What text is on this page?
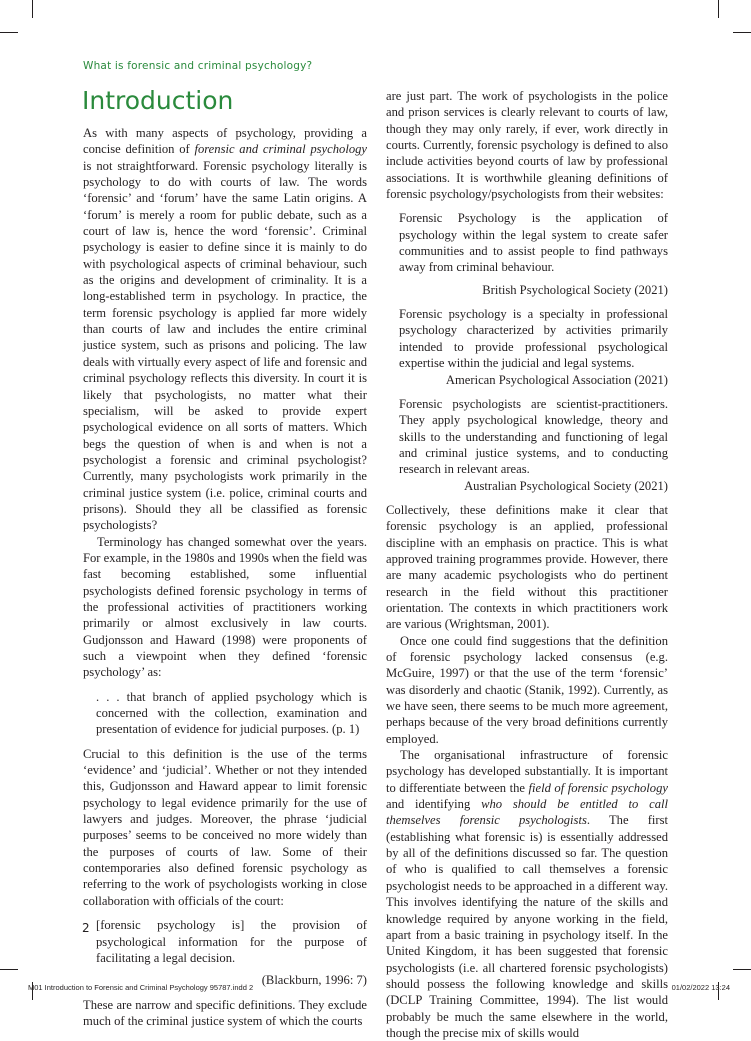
What is forensic and criminal psychology?

Introduction

As with many aspects of psychology, providing a concise definition of forensic and criminal psychology is not straightforward. Forensic psychology literally is psychology to do with courts of law. The words ‘forensic’ and ‘forum’ have the same Latin origins. A ‘forum’ is merely a room for public debate, such as a court of law is, hence the word ‘forensic’. Criminal psychology is easier to define since it is mainly to do with psychological aspects of criminal behaviour, such as the origins and development of criminality. It is a long-established term in psychology. In practice, the term forensic psychology is applied far more widely than courts of law and includes the entire criminal justice system, such as prisons and policing. The law deals with virtually every aspect of life and forensic and criminal psychology reflects this diversity. In court it is likely that psychologists, no matter what their specialism, will be asked to provide expert psychological evidence on all sorts of matters. Which begs the question of when is and when is not a psychologist a forensic and criminal psychologist? Currently, many psychologists work primarily in the criminal justice system (i.e. police, criminal courts and prisons). Should they all be classified as forensic psychologists?

Terminology has changed somewhat over the years. For example, in the 1980s and 1990s when the field was fast becoming established, some influential psychologists defined forensic psychology in terms of the professional activities of practitioners working primarily or almost exclusively in law courts. Gudjonsson and Haward (1998) were proponents of such a viewpoint when they defined ‘forensic psychology’ as:

. . . that branch of applied psychology which is concerned with the collection, examination and presentation of evidence for judicial purposes. (p. 1)

Crucial to this definition is the use of the terms ‘evidence’ and ‘judicial’. Whether or not they intended this, Gudjonsson and Haward appear to limit forensic psychology to legal evidence primarily for the use of lawyers and judges. Moreover, the phrase ‘judicial purposes’ seems to be conceived no more widely than the purposes of courts of law. Some of their contemporaries also defined forensic psychology as referring to the work of psychologists working in close collaboration with officials of the court:

[forensic psychology is] the provision of psychological information for the purpose of facilitating a legal decision.

(Blackburn, 1996: 7)

These are narrow and specific definitions. They exclude much of the criminal justice system of which the courts

are just part. The work of psychologists in the police and prison services is clearly relevant to courts of law, though they may only rarely, if ever, work directly in courts. Currently, forensic psychology is defined to also include activities beyond courts of law by professional associations. It is worthwhile gleaning definitions of forensic psychology/psychologists from their websites:

Forensic Psychology is the application of psychology within the legal system to create safer communities and to assist people to find pathways away from criminal behaviour.

British Psychological Society (2021)

Forensic psychology is a specialty in professional psychology characterized by activities primarily intended to provide professional psychological expertise within the judicial and legal systems.

American Psychological Association (2021)

Forensic psychologists are scientist-practitioners. They apply psychological knowledge, theory and skills to the understanding and functioning of legal and criminal justice systems, and to conducting research in relevant areas.

Australian Psychological Society (2021)

Collectively, these definitions make it clear that forensic psychology is an applied, professional discipline with an emphasis on practice. This is what approved training programmes provide. However, there are many academic psychologists who do pertinent research in the field without this practitioner orientation. The contexts in which practitioners work are various (Wrightsman, 2001).

Once one could find suggestions that the definition of forensic psychology lacked consensus (e.g. McGuire, 1997) or that the use of the term ‘forensic’ was disorderly and chaotic (Stanik, 1992). Currently, as we have seen, there seems to be much more agreement, perhaps because of the very broad definitions currently employed.

The organisational infrastructure of forensic psychology has developed substantially. It is important to differentiate between the field of forensic psychology and identifying who should be entitled to call themselves forensic psychologists. The first (establishing what forensic is) is essentially addressed by all of the definitions discussed so far. The question of who is qualified to call themselves a forensic psychologist needs to be approached in a different way. This involves identifying the nature of the skills and knowledge required by anyone working in the field, apart from a basic training in psychology itself. In the United Kingdom, it has been suggested that forensic psychologists (i.e. all chartered forensic psychologists) should possess the following knowledge and skills (DCLP Training Committee, 1994). The list would probably be much the same elsewhere in the world, though the precise mix of skills would

2

M01 Introduction to Forensic and Criminal Psychology 95787.indd 2	01/02/2022 13:24
